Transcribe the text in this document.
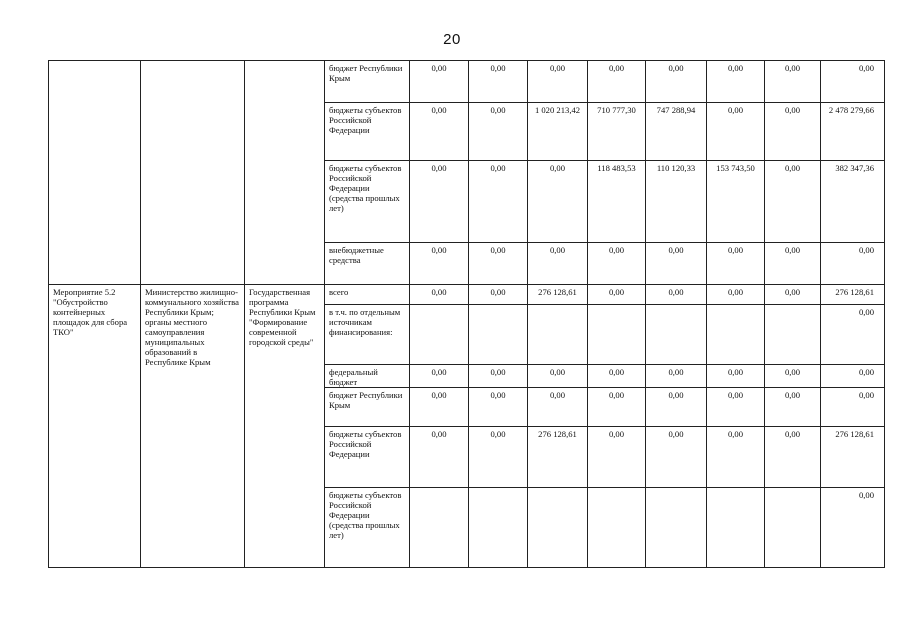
20
			бюджет Республики Крым	0,00	0,00	0,00	0,00	0,00	0,00	0,00	0,00
			бюджеты субъектов Российской Федерации	0,00	0,00	1 020 213,42	710 777,30	747 288,94	0,00	0,00	2 478 279,66
			бюджеты субъектов Российской Федерации (средства прошлых лет)	0,00	0,00	0,00	118 483,53	110 120,33	153 743,50	0,00	382 347,36
			внебюджетные средства	0,00	0,00	0,00	0,00	0,00	0,00	0,00	0,00
Мероприятие 5.2 "Обустройство контейнерных площадок для сбора ТКО"	Министерство жилищно-коммунального хозяйства Республики Крым; органы местного самоуправления муниципальных образований в Республике Крым	Государственная программа Республики Крым "Формирование современной городской среды"	всего	0,00	0,00	276 128,61	0,00	0,00	0,00	0,00	276 128,61
			в т.ч. по отдельным источникам финансирования:								0,00
			федеральный бюджет	0,00	0,00	0,00	0,00	0,00	0,00	0,00	0,00
			бюджет Республики Крым	0,00	0,00	0,00	0,00	0,00	0,00	0,00	0,00
			бюджеты субъектов Российской Федерации	0,00	0,00	276 128,61	0,00	0,00	0,00	0,00	276 128,61
			бюджеты субъектов Российской Федерации (средства прошлых лет)								0,00
